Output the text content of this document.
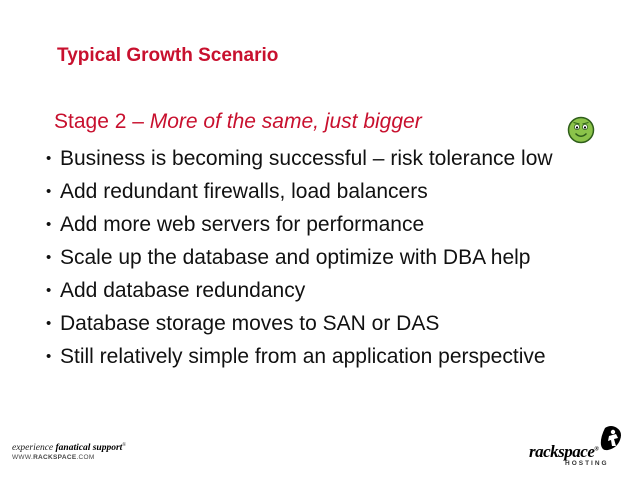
Typical Growth Scenario
Stage 2 – More of the same, just bigger
• Business is becoming successful – risk tolerance low
• Add redundant firewalls, load balancers
• Add more web servers for performance
• Scale up the database and optimize with DBA help
• Add database redundancy
• Database storage moves to SAN or DAS
• Still relatively simple from an application perspective
experience fanatical support®
WWW.RACKSPACE.COM	rackspace®
HOSTING
